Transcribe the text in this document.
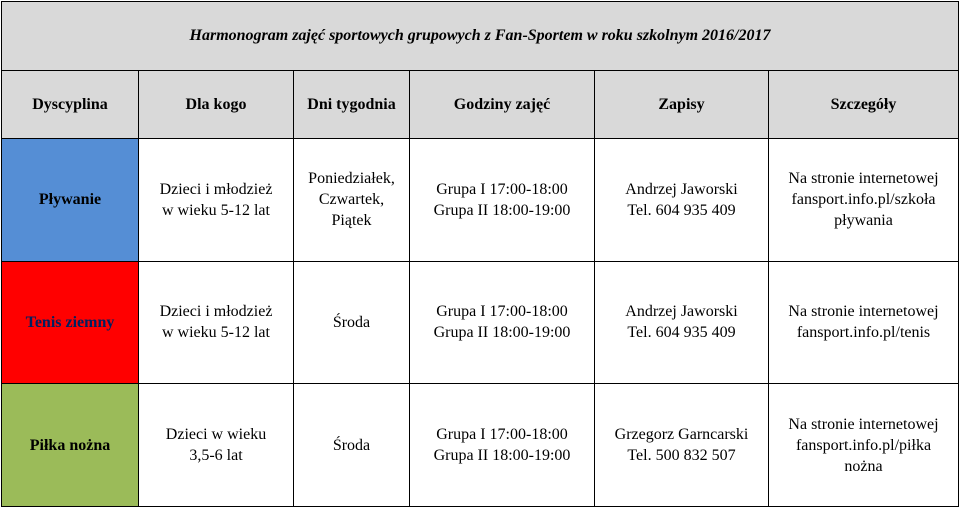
Harmonogram zajęć sportowych grupowych z Fan-Sportem w roku szkolnym 2016/2017					
Dyscyplina	Dla kogo	Dni tygodnia	Godziny zajęć	Zapisy	Szczegóły
Pływanie	Dzieci i młodzież
w wieku 5-12 lat	Poniedziałek,
Czwartek,
Piątek	Grupa I 17:00-18:00
Grupa II 18:00-19:00	Andrzej Jaworski
Tel. 604 935 409	Na stronie internetowej
fansport.info.pl/szkoła
pływania

Tenis ziemny	Dzieci i młodzież
w wieku 5-12 lat	Środa	Grupa I 17:00-18:00
Grupa II 18:00-19:00	Andrzej Jaworski
Tel. 604 935 409	Na stronie internetowej
fansport.info.pl/tenis

Piłka nożna	Dzieci w wieku
3,5-6 lat	Środa	Grupa I 17:00-18:00
Grupa II 18:00-19:00	Grzegorz Garncarski
Tel. 500 832 507	Na stronie internetowej
fansport.info.pl/piłka
nożna
